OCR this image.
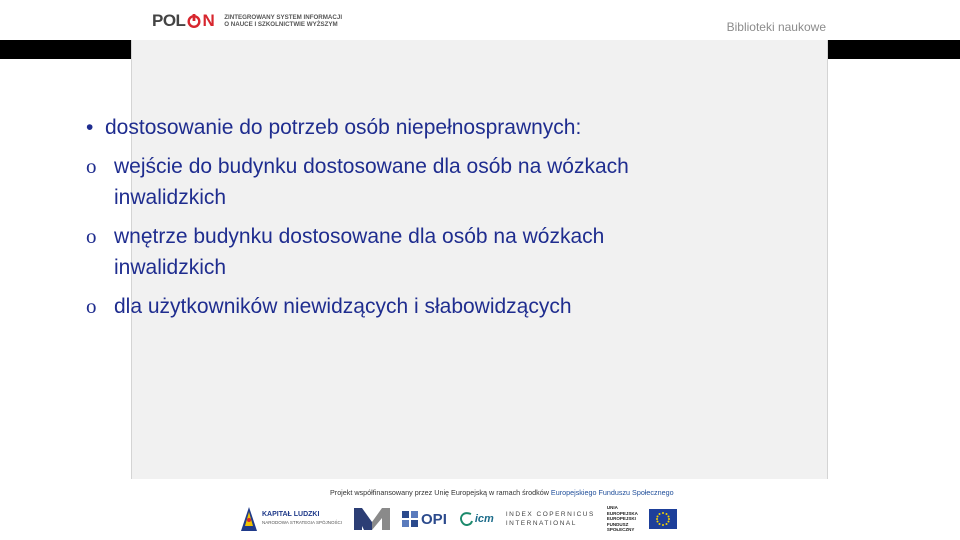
POL N ZINTEGROWANY SYSTEM INFORMACJI
O NAUCE I SZKOLNICTWIE WYŻSZYM	Biblioteki naukowe
• dostosowanie do potrzeb osób niepełnosprawnych:
o wejście do budynku dostosowane dla osób na wózkach inwalidzkich
o wnętrze budynku dostosowane dla osób na wózkach inwalidzkich
o dla użytkowników niewidzących i słabowidzących
Projekt współfinansowany przez Unię Europejską w ramach środków Europejskiego Funduszu Społecznego
KAPITAŁ LUDZKI
NARODOWA STRATEGIA SPÓJNOŚCI	OPI	icm INDEX COPERNICUS
INTERNATIONAL
UNIA EUROPEJSKA
EUROPEJSKI
FUNDUSZ SPOŁECZNY
